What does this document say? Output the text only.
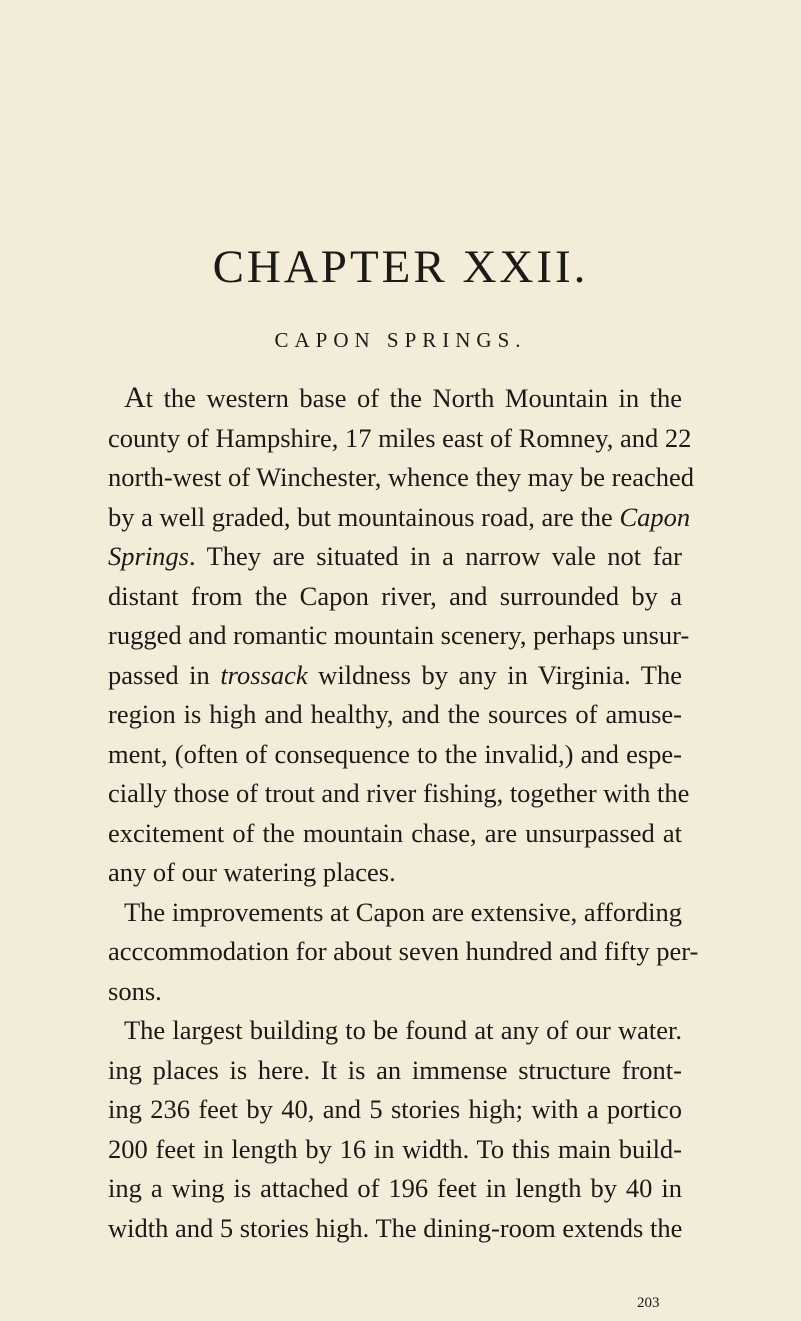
CHAPTER XXII.
CAPON SPRINGS.
At the western base of the North Mountain in the
county of Hampshire, 17 miles east of Romney, and 22
north-west of Winchester, whence they may be reached
by a well graded, but mountainous road, are the Capon
Springs. They are situated in a narrow vale not far
distant from the Capon river, and surrounded by a
rugged and romantic mountain scenery, perhaps unsur-
passed in trossack wildness by any in Virginia. The
region is high and healthy, and the sources of amuse-
ment, (often of consequence to the invalid,) and espe-
cially those of trout and river fishing, together with the
excitement of the mountain chase, are unsurpassed at
any of our watering places.
The improvements at Capon are extensive, affording
acccommodation for about seven hundred and fifty per-
sons.
The largest building to be found at any of our water.
ing places is here. It is an immense structure front-
ing 236 feet by 40, and 5 stories high; with a portico
200 feet in length by 16 in width. To this main build-
ing a wing is attached of 196 feet in length by 40 in
width and 5 stories high. The dining-room extends the
203
